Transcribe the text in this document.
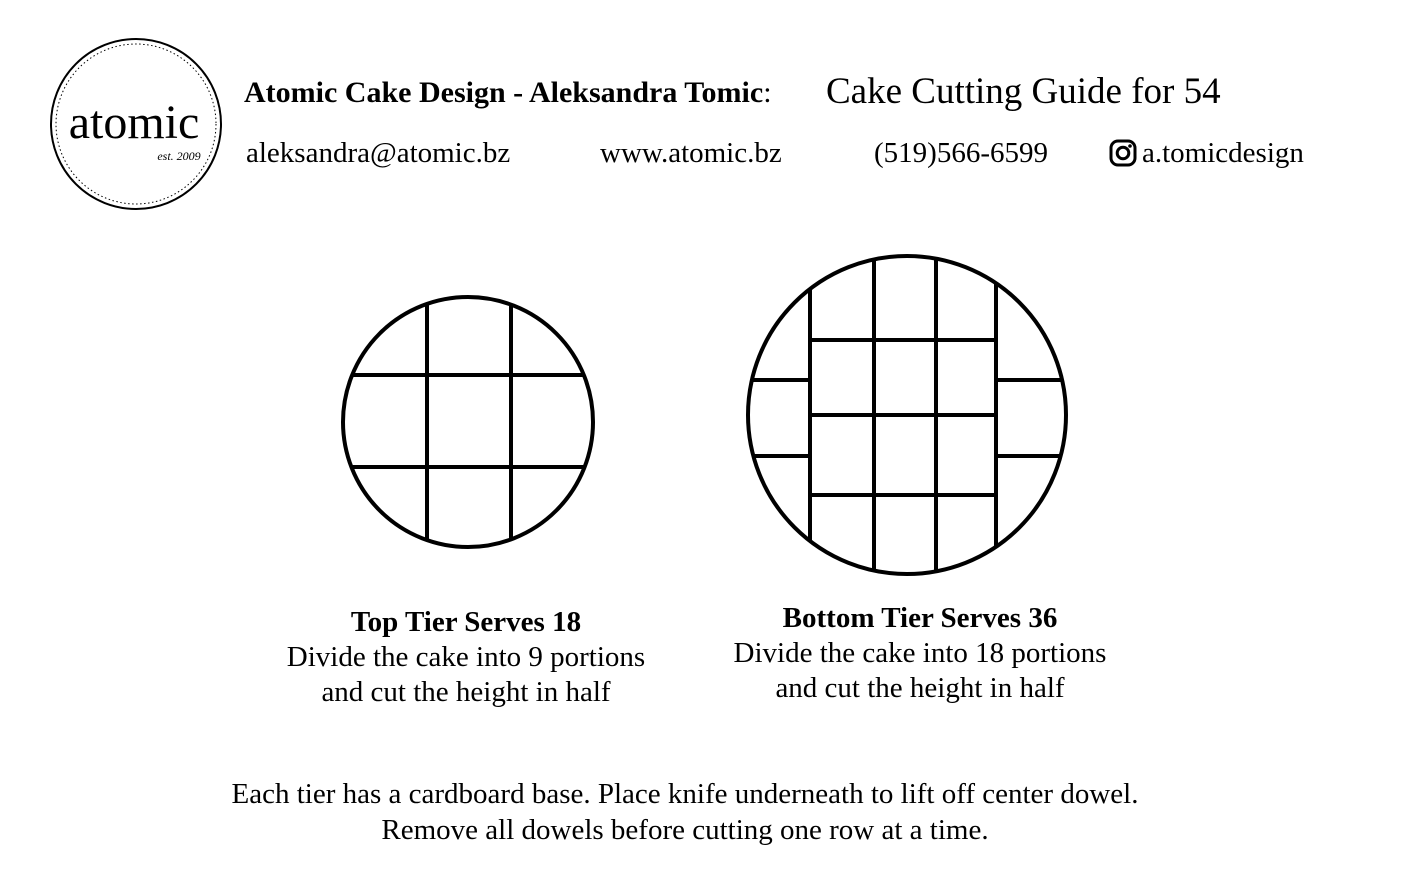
atomic
est. 2009
Atomic Cake Design - Aleksandra Tomic: Cake Cutting Guide for 54
aleksandra@atomic.bz	www.atomic.bz	(519)566-6599	a.tomicdesign
Top Tier Serves 18
Divide the cake into 9 portions
and cut the height in half
Bottom Tier Serves 36
Divide the cake into 18 portions
and cut the height in half
Each tier has a cardboard base. Place knife underneath to lift off center dowel.
Remove all dowels before cutting one row at a time.
